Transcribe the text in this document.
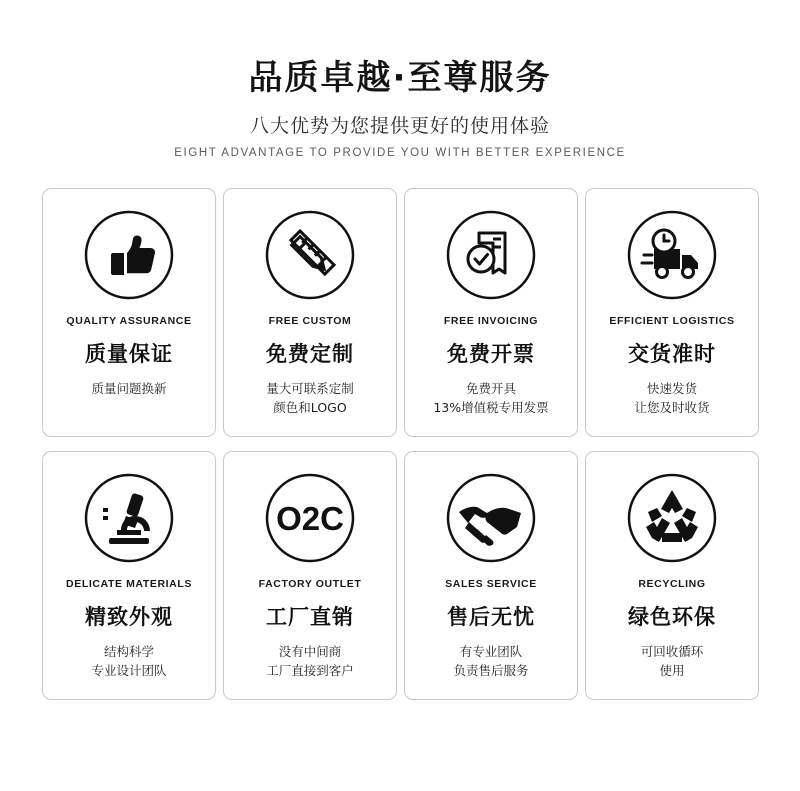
品质卓越·至尊服务
八大优势为您提供更好的使用体验
EIGHT ADVANTAGE TO PROVIDE YOU WITH BETTER EXPERIENCE
QUALITY ASSURANCE
质量保证
质量问题换新
FREE CUSTOM
免费定制
量大可联系定制
颜色和LOGO
FREE INVOICING
免费开票
免费开具
13%增值税专用发票
EFFICIENT LOGISTICS
交货准时
快速发货
让您及时收货
DELICATE MATERIALS
精致外观
结构科学
专业设计团队
O2C
FACTORY OUTLET
工厂直销
没有中间商
工厂直接到客户
SALES SERVICE
售后无忧
有专业团队
负责售后服务
RECYCLING
绿色环保
可回收循环
使用
